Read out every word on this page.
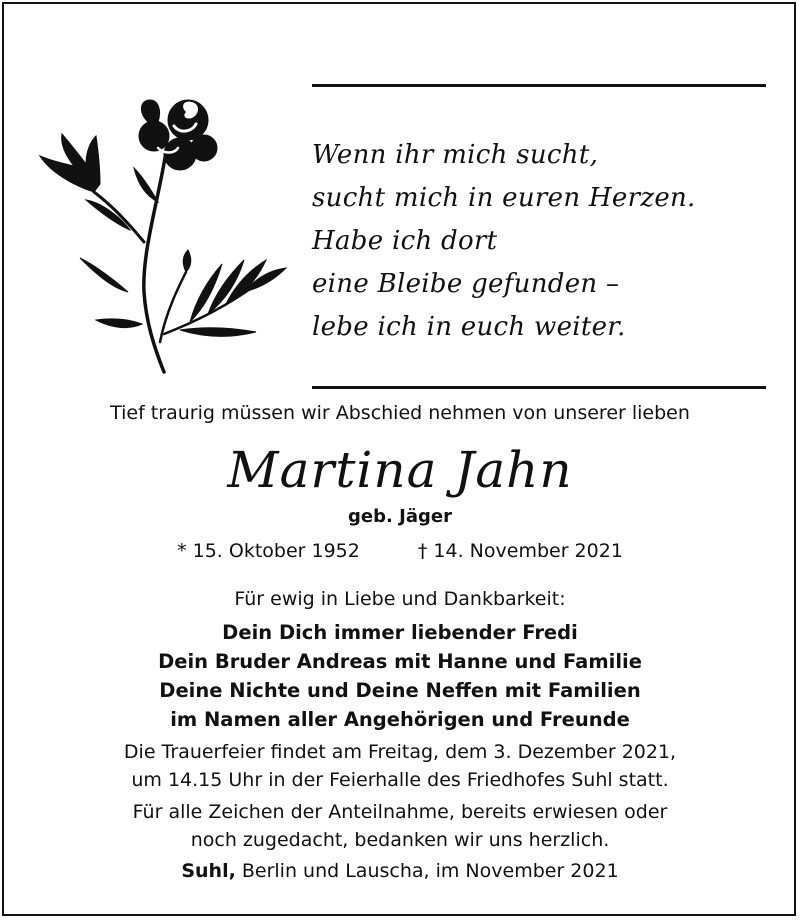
Wenn ihr mich sucht,
sucht mich in euren Herzen.
Habe ich dort
eine Bleibe gefunden –
lebe ich in euch weiter.
Tief traurig müssen wir Abschied nehmen von unserer lieben
Martina Jahn
geb. Jäger
* 15. Oktober 1952	† 14. November 2021
Für ewig in Liebe und Dankbarkeit:
Dein Dich immer liebender Fredi
Dein Bruder Andreas mit Hanne und Familie
Deine Nichte und Deine Neffen mit Familien
im Namen aller Angehörigen und Freunde
Die Trauerfeier findet am Freitag, dem 3. Dezember 2021,
um 14.15 Uhr in der Feierhalle des Friedhofes Suhl statt.
Für alle Zeichen der Anteilnahme, bereits erwiesen oder
noch zugedacht, bedanken wir uns herzlich.
Suhl, Berlin und Lauscha, im November 2021
